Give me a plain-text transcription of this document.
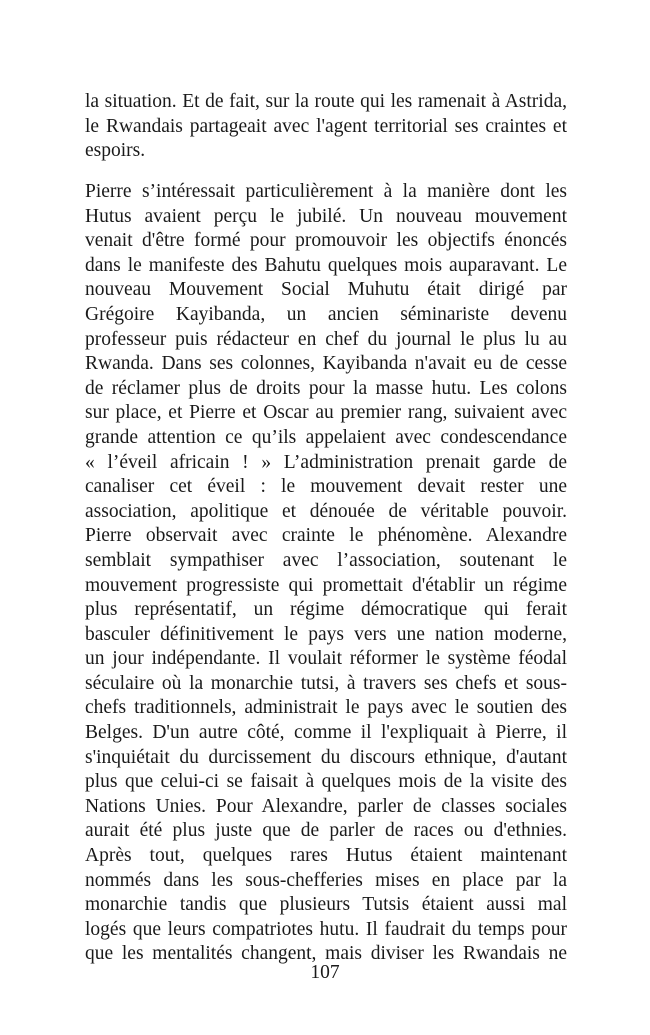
la situation. Et de fait, sur la route qui les ramenait à Astrida,
le Rwandais partageait avec l'agent territorial ses craintes et
espoirs.
Pierre s’intéressait particulièrement à la manière dont les
Hutus avaient perçu le jubilé. Un nouveau mouvement
venait d'être formé pour promouvoir les objectifs énoncés
dans le manifeste des Bahutu quelques mois auparavant. Le
nouveau Mouvement Social Muhutu était dirigé par
Grégoire Kayibanda, un ancien séminariste devenu
professeur puis rédacteur en chef du journal le plus lu au
Rwanda. Dans ses colonnes, Kayibanda n'avait eu de cesse
de réclamer plus de droits pour la masse hutu. Les colons
sur place, et Pierre et Oscar au premier rang, suivaient avec
grande attention ce qu’ils appelaient avec condescendance
« l’éveil africain ! » L’administration prenait garde de
canaliser cet éveil : le mouvement devait rester une
association, apolitique et dénouée de véritable pouvoir.
Pierre observait avec crainte le phénomène. Alexandre
semblait sympathiser avec l’association, soutenant le
mouvement progressiste qui promettait d'établir un régime
plus représentatif, un régime démocratique qui ferait
basculer définitivement le pays vers une nation moderne,
un jour indépendante. Il voulait réformer le système féodal
séculaire où la monarchie tutsi, à travers ses chefs et sous-
chefs traditionnels, administrait le pays avec le soutien des
Belges. D'un autre côté, comme il l'expliquait à Pierre, il
s'inquiétait du durcissement du discours ethnique, d'autant
plus que celui-ci se faisait à quelques mois de la visite des
Nations Unies. Pour Alexandre, parler de classes sociales
aurait été plus juste que de parler de races ou d'ethnies.
Après tout, quelques rares Hutus étaient maintenant
nommés dans les sous-chefferies mises en place par la
monarchie tandis que plusieurs Tutsis étaient aussi mal
logés que leurs compatriotes hutu. Il faudrait du temps pour
que les mentalités changent, mais diviser les Rwandais ne
107
